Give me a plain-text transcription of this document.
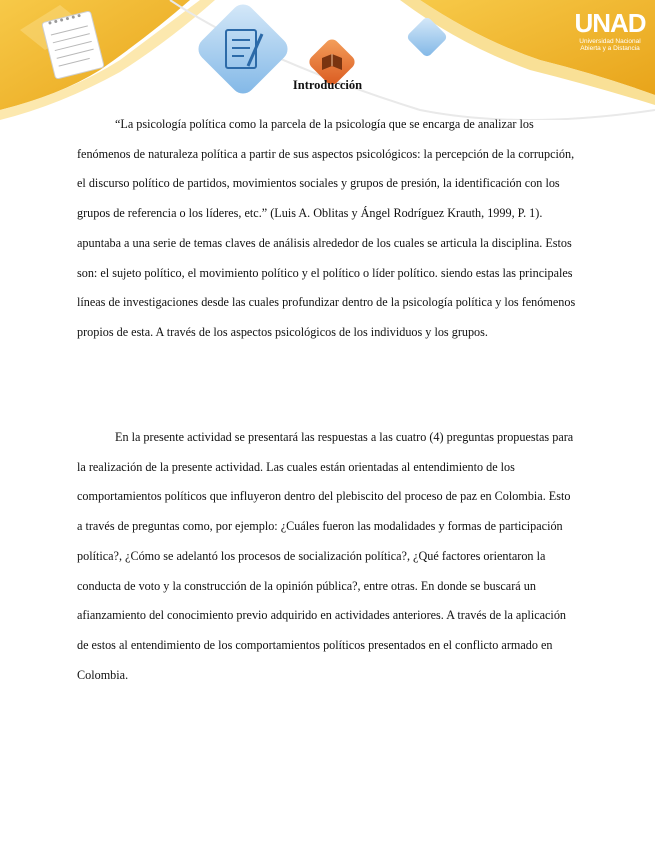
UNAD
Universidad Nacional
Abierta y a Distancia
Introducción

“La psicología política como la parcela de la psicología que se encarga de analizar los fenómenos de naturaleza política a partir de sus aspectos psicológicos: la percepción de la corrupción, el discurso político de partidos, movimientos sociales y grupos de presión, la identificación con los grupos de referencia o los líderes, etc.” (Luis A. Oblitas y Ángel Rodríguez Krauth, 1999, P. 1). apuntaba a una serie de temas claves de análisis alrededor de los cuales se articula la disciplina. Estos son: el sujeto político, el movimiento político y el político o líder político. siendo estas las principales líneas de investigaciones desde las cuales profundizar dentro de la psicología política y los fenómenos propios de esta. A través de los aspectos psicológicos de los individuos y los grupos.

En la presente actividad se presentará las respuestas a las cuatro (4) preguntas propuestas para la realización de la presente actividad. Las cuales están orientadas al entendimiento de los comportamientos políticos que influyeron dentro del plebiscito del proceso de paz en Colombia. Esto a través de preguntas como, por ejemplo: ¿Cuáles fueron las modalidades y formas de participación política?, ¿Cómo se adelantó los procesos de socialización política?, ¿Qué factores orientaron la conducta de voto y la construcción de la opinión pública?, entre otras. En donde se buscará un afianzamiento del conocimiento previo adquirido en actividades anteriores. A través de la aplicación de estos al entendimiento de los comportamientos políticos presentados en el conflicto armado en Colombia.
